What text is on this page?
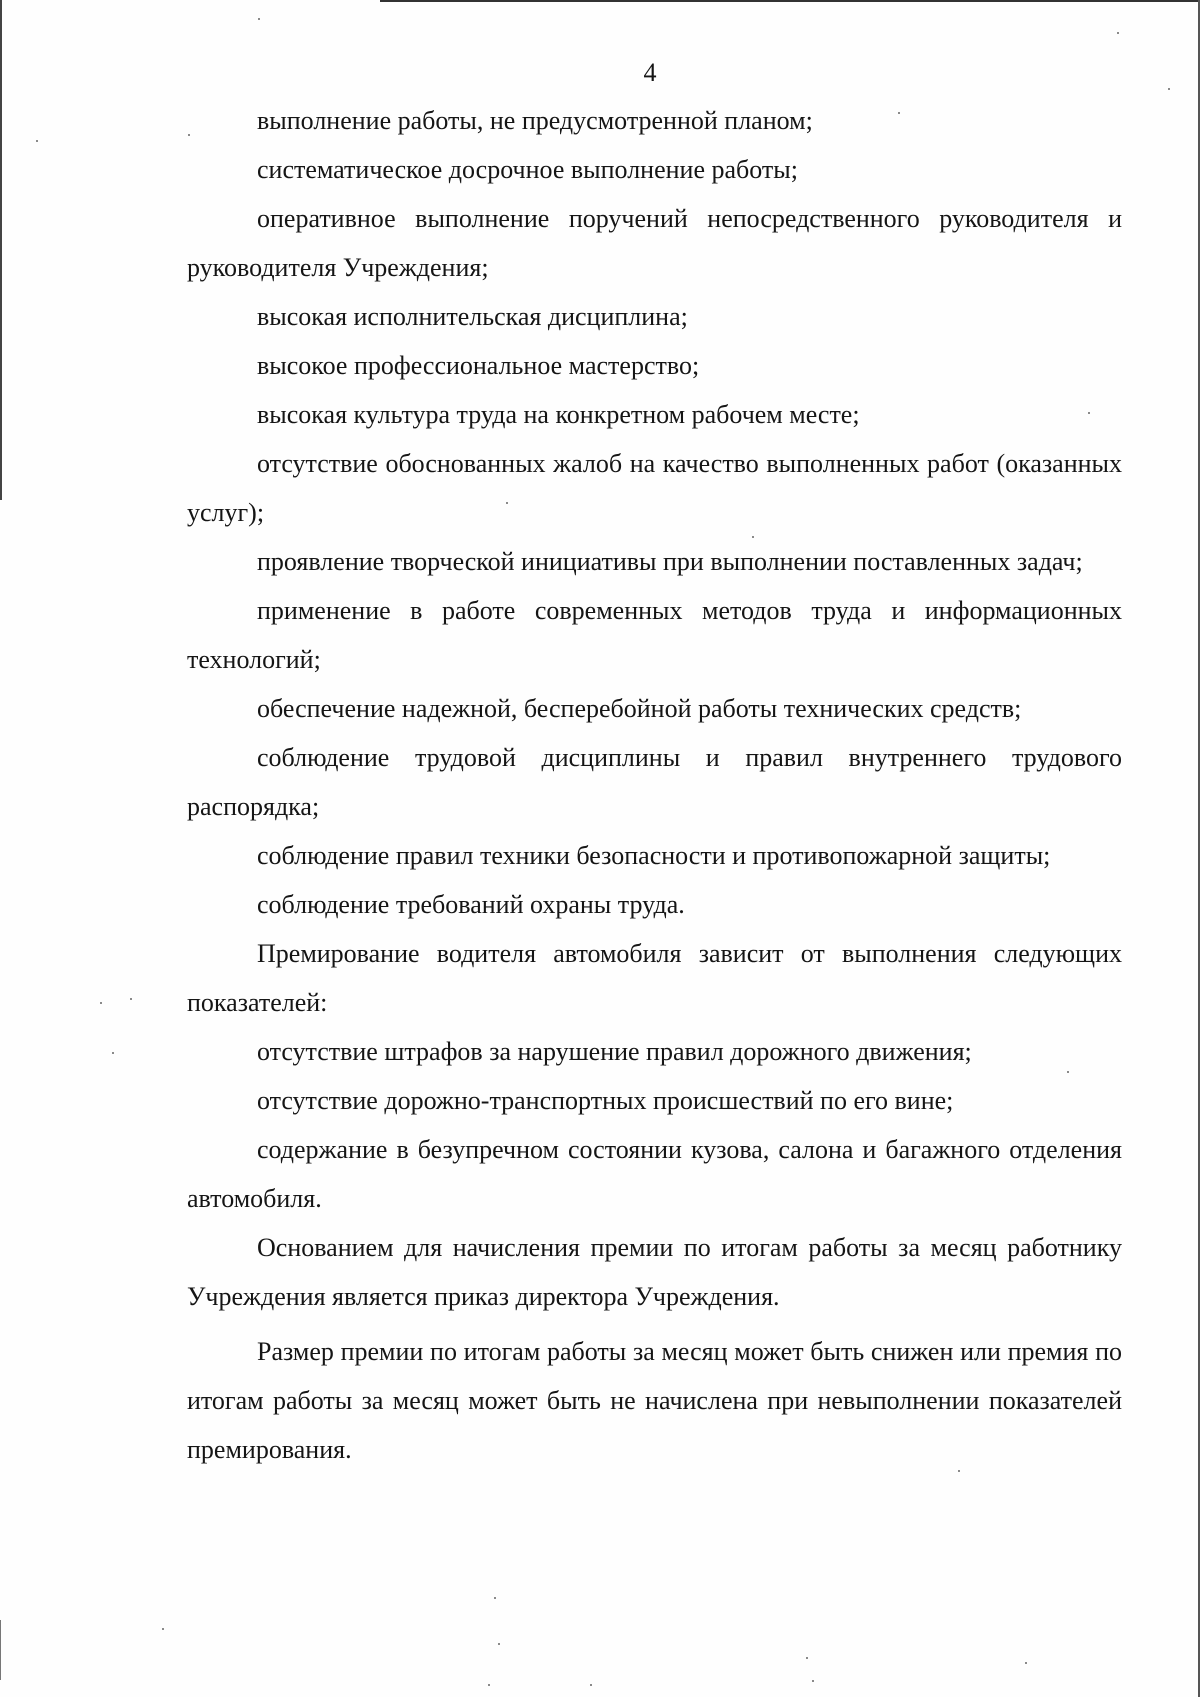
4

выполнение работы, не предусмотренной планом;

систематическое досрочное выполнение работы;

оперативное выполнение поручений непосредственного руководителя и руководителя Учреждения;

высокая исполнительская дисциплина;

высокое профессиональное мастерство;

высокая культура труда на конкретном рабочем месте;

отсутствие обоснованных жалоб на качество выполненных работ (оказанных услуг);

проявление творческой инициативы при выполнении поставленных задач;

применение в работе современных методов труда и информационных технологий;

обеспечение надежной, бесперебойной работы технических средств;

соблюдение трудовой дисциплины и правил внутреннего трудового распорядка;

соблюдение правил техники безопасности и противопожарной защиты;

соблюдение требований охраны труда.

Премирование водителя автомобиля зависит от выполнения следующих показателей:

отсутствие штрафов за нарушение правил дорожного движения;

отсутствие дорожно-транспортных происшествий по его вине;

содержание в безупречном состоянии кузова, салона и багажного отделения автомобиля.

Основанием для начисления премии по итогам работы за месяц работнику Учреждения является приказ директора Учреждения.

Размер премии по итогам работы за месяц может быть снижен или премия по итогам работы за месяц может быть не начислена при невыполнении показателей премирования.
